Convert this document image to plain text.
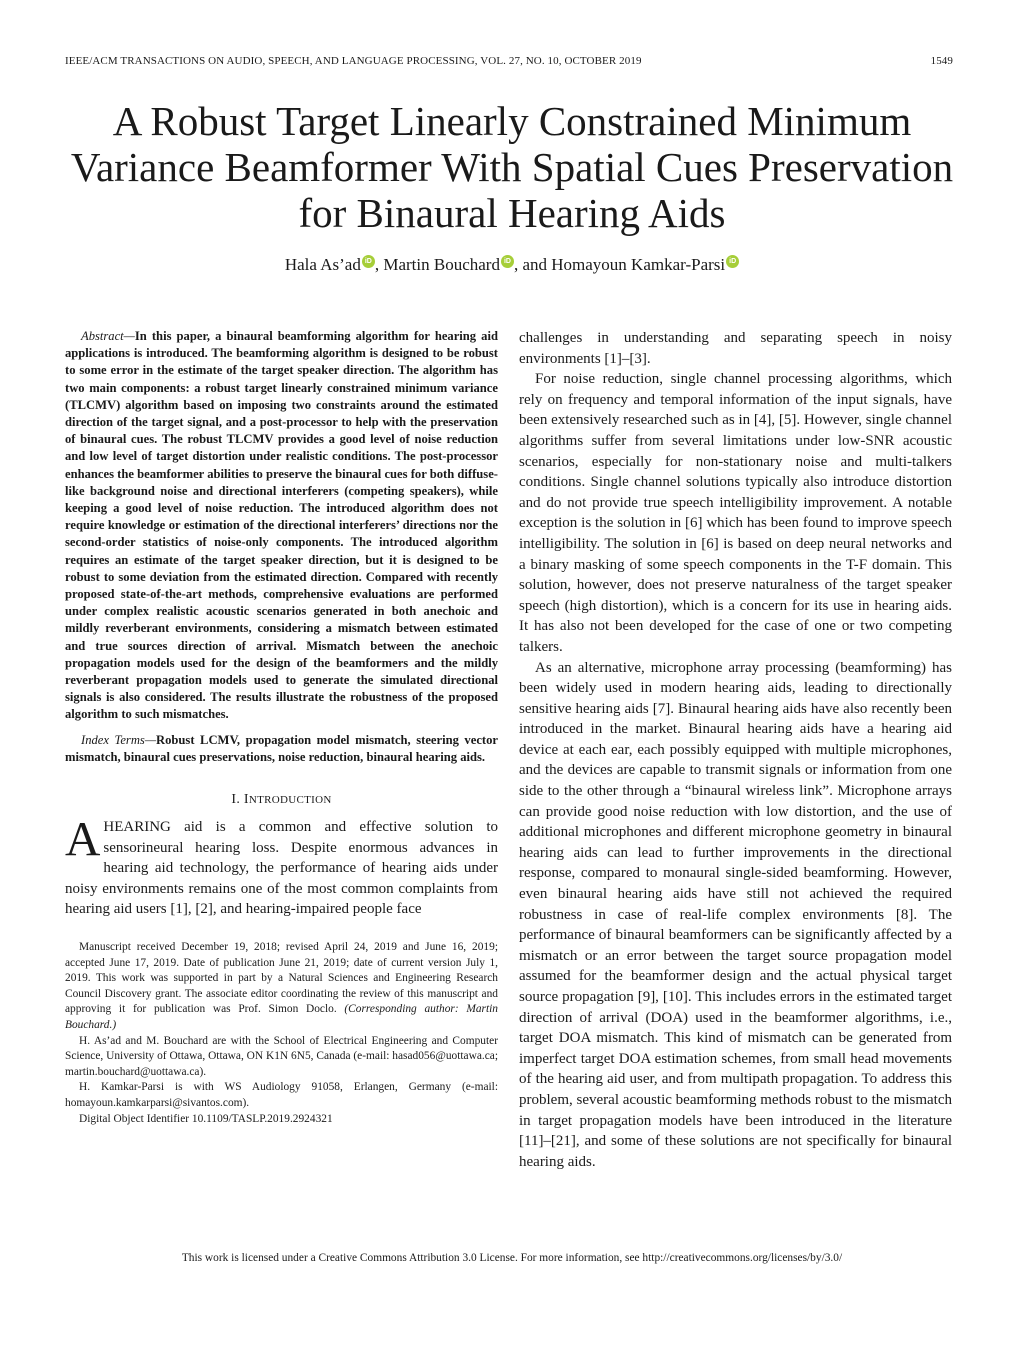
IEEE/ACM TRANSACTIONS ON AUDIO, SPEECH, AND LANGUAGE PROCESSING, VOL. 27, NO. 10, OCTOBER 2019	1549
A Robust Target Linearly Constrained Minimum
Variance Beamformer With Spatial Cues Preservation
for Binaural Hearing Aids
Hala As’ad iD , Martin Bouchard iD , and Homayoun Kamkar-Parsi iD

Abstract—In this paper, a binaural beamforming algorithm for hearing aid applications is introduced. The beamforming algorithm is designed to be robust to some error in the estimate of the target speaker direction. The algorithm has two main components: a robust target linearly constrained minimum variance (TLCMV) algorithm based on imposing two constraints around the estimated direction of the target signal, and a post-processor to help with the preservation of binaural cues. The robust TLCMV provides a good level of noise reduction and low level of target distortion under realistic conditions. The post-processor enhances the beamformer abilities to preserve the binaural cues for both diffuse-like background noise and directional interferers (competing speakers), while keeping a good level of noise reduction. The introduced algorithm does not require knowledge or estimation of the directional interferers’ directions nor the second-order statistics of noise-only components. The introduced algorithm requires an estimate of the target speaker direction, but it is designed to be robust to some deviation from the estimated direction. Compared with recently proposed state-of-the-art methods, comprehensive evaluations are performed under complex realistic acoustic scenarios generated in both anechoic and mildly reverberant environments, considering a mismatch between estimated and true sources direction of arrival. Mismatch between the anechoic propagation models used for the design of the beamformers and the mildly reverberant propagation models used to generate the simulated directional signals is also considered. The results illustrate the robustness of the proposed algorithm to such mismatches.

Index Terms—Robust LCMV, propagation model mismatch, steering vector mismatch, binaural cues preservations, noise reduction, binaural hearing aids.

I. INTRODUCTION

AHEARING aid is a common and effective solution to sensorineural hearing loss. Despite enormous advances in hearing aid technology, the performance of hearing aids under noisy environments remains one of the most common complaints from hearing aid users [1], [2], and hearing-impaired people face

Manuscript received December 19, 2018; revised April 24, 2019 and June 16, 2019; accepted June 17, 2019. Date of publication June 21, 2019; date of current version July 1, 2019. This work was supported in part by a Natural Sciences and Engineering Research Council Discovery grant. The associate editor coordinating the review of this manuscript and approving it for publication was Prof. Simon Doclo. (Corresponding author: Martin Bouchard.)

H. As’ad and M. Bouchard are with the School of Electrical Engineering and Computer Science, University of Ottawa, Ottawa, ON K1N 6N5, Canada (e-mail: hasad056@uottawa.ca; martin.bouchard@uottawa.ca).

H. Kamkar-Parsi is with WS Audiology 91058, Erlangen, Germany (e-mail: homayoun.kamkarparsi@sivantos.com).

Digital Object Identifier 10.1109/TASLP.2019.2924321

challenges in understanding and separating speech in noisy environments [1]–[3].

For noise reduction, single channel processing algorithms, which rely on frequency and temporal information of the input signals, have been extensively researched such as in [4], [5]. However, single channel algorithms suffer from several limitations under low-SNR acoustic scenarios, especially for non-stationary noise and multi-talkers conditions. Single channel solutions typically also introduce distortion and do not provide true speech intelligibility improvement. A notable exception is the solution in [6] which has been found to improve speech intelligibility. The solution in [6] is based on deep neural networks and a binary masking of some speech components in the T-F domain. This solution, however, does not preserve naturalness of the target speaker speech (high distortion), which is a concern for its use in hearing aids. It has also not been developed for the case of one or two competing talkers.

As an alternative, microphone array processing (beamforming) has been widely used in modern hearing aids, leading to directionally sensitive hearing aids [7]. Binaural hearing aids have also recently been introduced in the market. Binaural hearing aids have a hearing aid device at each ear, each possibly equipped with multiple microphones, and the devices are capable to transmit signals or information from one side to the other through a “binaural wireless link”. Microphone arrays can provide good noise reduction with low distortion, and the use of additional microphones and different microphone geometry in binaural hearing aids can lead to further improvements in the directional response, compared to monaural single-sided beamforming. However, even binaural hearing aids have still not achieved the required robustness in case of real-life complex environments [8]. The performance of binaural beamformers can be significantly affected by a mismatch or an error between the target source propagation model assumed for the beamformer design and the actual physical target source propagation [9], [10]. This includes errors in the estimated target direction of arrival (DOA) used in the beamformer algorithms, i.e., target DOA mismatch. This kind of mismatch can be generated from imperfect target DOA estimation schemes, from small head movements of the hearing aid user, and from multipath propagation. To address this problem, several acoustic beamforming methods robust to the mismatch in target propagation models have been introduced in the literature [11]–[21], and some of these solutions are not specifically for binaural hearing aids.

This work is licensed under a Creative Commons Attribution 3.0 License. For more information, see http://creativecommons.org/licenses/by/3.0/
